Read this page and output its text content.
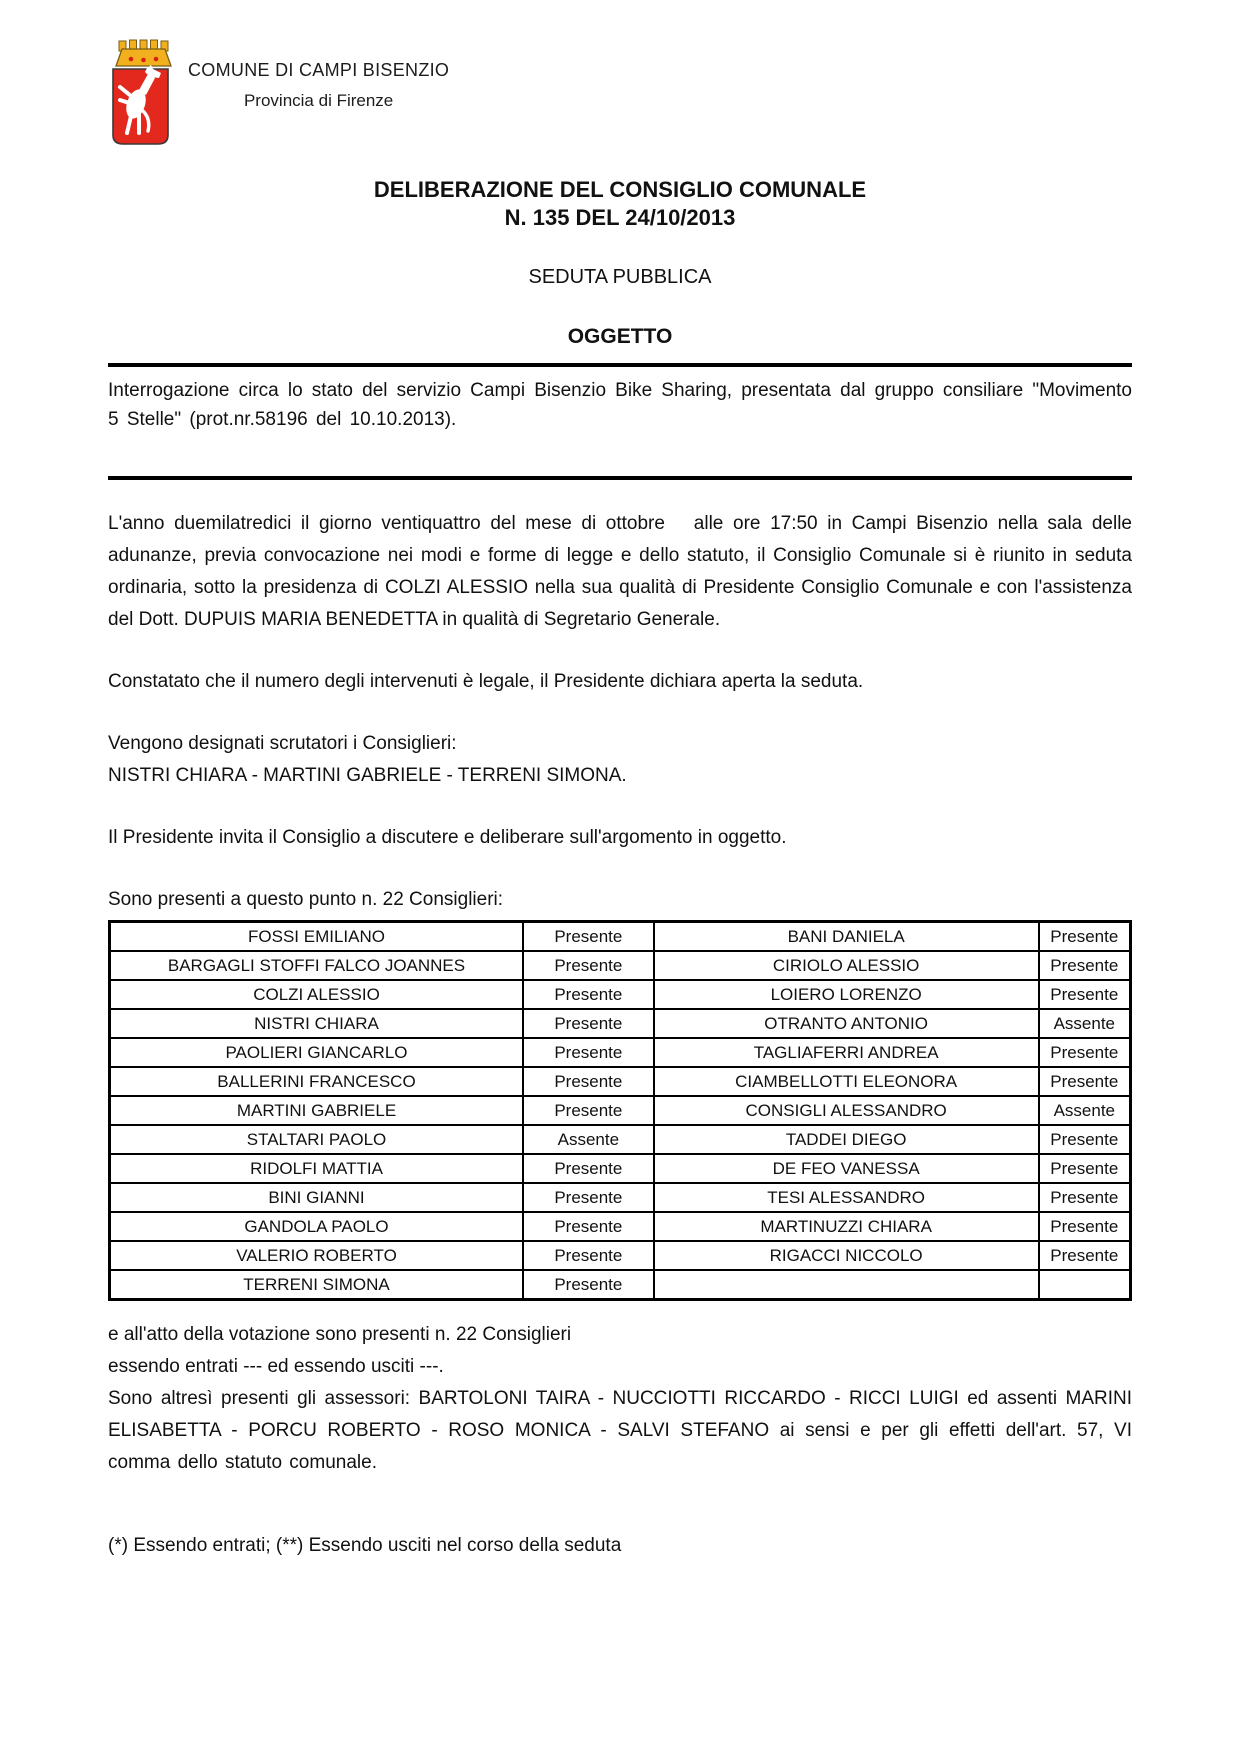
COMUNE DI CAMPI BISENZIO
Provincia di Firenze
DELIBERAZIONE DEL CONSIGLIO COMUNALE
N. 135 DEL 24/10/2013
SEDUTA PUBBLICA
OGGETTO

Interrogazione circa lo stato del servizio Campi Bisenzio Bike Sharing, presentata dal gruppo consiliare "Movimento 5 Stelle" (prot.nr.58196 del 10.10.2013).

L'anno duemilatredici il giorno ventiquattro del mese di ottobre   alle ore 17:50 in Campi Bisenzio nella sala delle adunanze, previa convocazione nei modi e forme di legge e dello statuto, il Consiglio Comunale si è riunito in seduta ordinaria, sotto la presidenza di COLZI ALESSIO nella sua qualità di Presidente Consiglio Comunale e con l'assistenza del Dott. DUPUIS MARIA BENEDETTA in qualità di Segretario Generale.

Constatato che il numero degli intervenuti è legale, il Presidente dichiara aperta la seduta.

Vengono designati scrutatori i Consiglieri:
NISTRI CHIARA - MARTINI GABRIELE - TERRENI SIMONA.

Il Presidente invita il Consiglio a discutere e deliberare sull'argomento in oggetto.

Sono presenti a questo punto n. 22 Consiglieri:

FOSSI EMILIANO	Presente	BANI DANIELA	Presente
BARGAGLI STOFFI FALCO JOANNES	Presente	CIRIOLO ALESSIO	Presente
COLZI ALESSIO	Presente	LOIERO LORENZO	Presente
NISTRI CHIARA	Presente	OTRANTO ANTONIO	Assente
PAOLIERI GIANCARLO	Presente	TAGLIAFERRI ANDREA	Presente
BALLERINI FRANCESCO	Presente	CIAMBELLOTTI ELEONORA	Presente
MARTINI GABRIELE	Presente	CONSIGLI ALESSANDRO	Assente
STALTARI PAOLO	Assente	TADDEI DIEGO	Presente
RIDOLFI MATTIA	Presente	DE FEO VANESSA	Presente
BINI GIANNI	Presente	TESI ALESSANDRO	Presente
GANDOLA PAOLO	Presente	MARTINUZZI CHIARA	Presente
VALERIO ROBERTO	Presente	RIGACCI NICCOLO	Presente
TERRENI SIMONA	Presente		
e all'atto della votazione sono presenti n. 22 Consiglieri
essendo entrati --- ed essendo usciti ---.
Sono altresì presenti gli assessori: BARTOLONI TAIRA - NUCCIOTTI RICCARDO - RICCI LUIGI ed assenti MARINI ELISABETTA - PORCU ROBERTO - ROSO MONICA - SALVI STEFANO ai sensi e per gli effetti dell'art. 57, VI comma dello statuto comunale.

(*) Essendo entrati; (**) Essendo usciti nel corso della seduta
